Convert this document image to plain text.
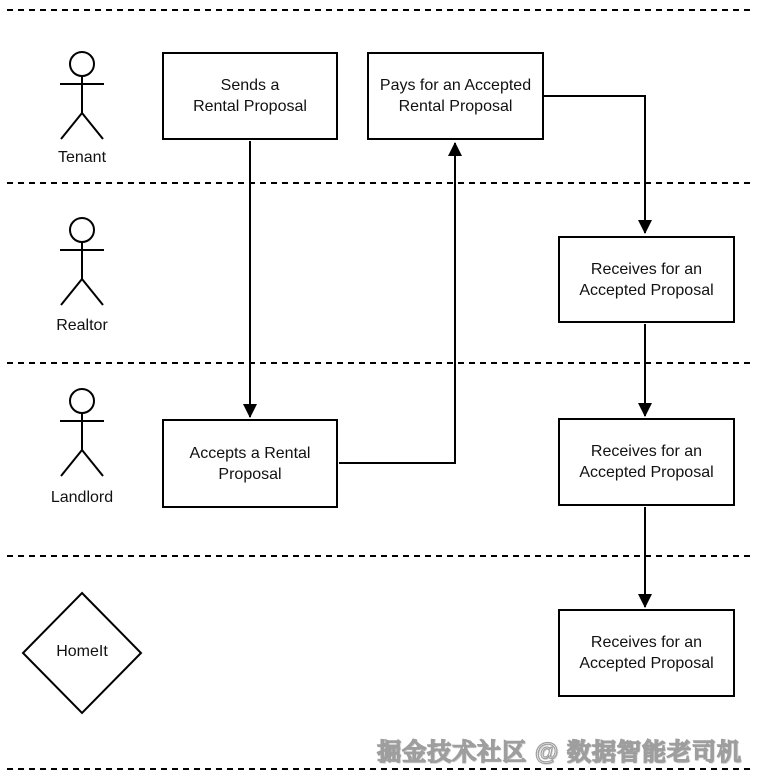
Sends a
Rental Proposal
Pays for an Accepted
Rental Proposal
Receives for an
Accepted Proposal
Accepts a Rental
Proposal
Receives for an
Accepted Proposal
Receives for an
Accepted Proposal
Tenant
Realtor
Landlord
HomeIt
掘金技术社区 @ 数据智能老司机
